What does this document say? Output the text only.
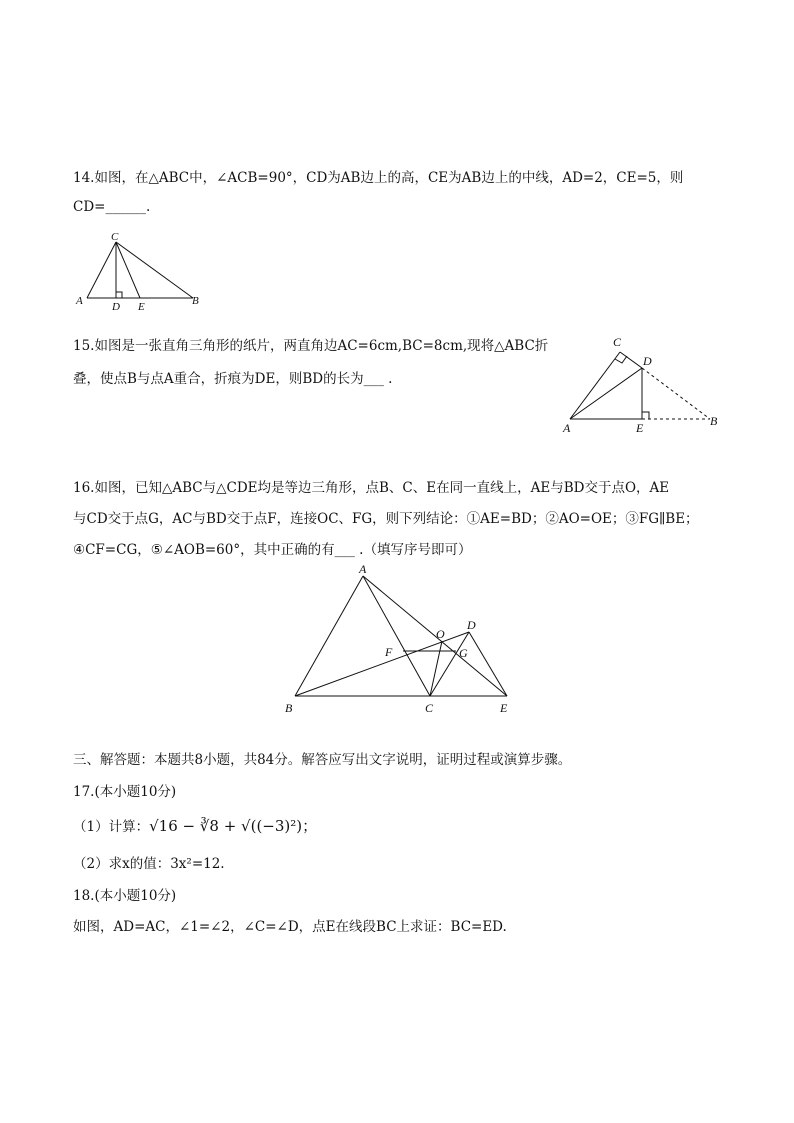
14.如图，在△ABC中，∠ACB=90°，CD为AB边上的高，CE为AB边上的中线，AD=2，CE=5，则
CD=______.
C
A	D E	B
15.如图是一张直角三角形的纸片，两直角边AC=6cm,BC=8cm,现将△ABC折
叠，使点B与点A重合，折痕为DE，则BD的长为___ .
C
D
A	E	B
16.如图，已知△ABC与△CDE均是等边三角形，点B、C、E在同一直线上，AE与BD交于点O，AE
与CD交于点G，AC与BD交于点F，连接OC、FG，则下列结论：①AE=BD；②AO=OE；③FG∥BE；
④CF=CG，⑤∠AOB=60°，其中正确的有___ .（填写序号即可）
A
O
D
F	G
B	C	E
三、解答题：本题共8小题，共84分。解答应写出文字说明，证明过程或演算步骤。
17.(本小题10分)
（1）计算：√16 − ∛8 + √((−3)²)；
（2）求x的值：3x²=12.
18.(本小题10分)
如图，AD=AC，∠1=∠2，∠C=∠D，点E在线段BC上求证：BC=ED.
